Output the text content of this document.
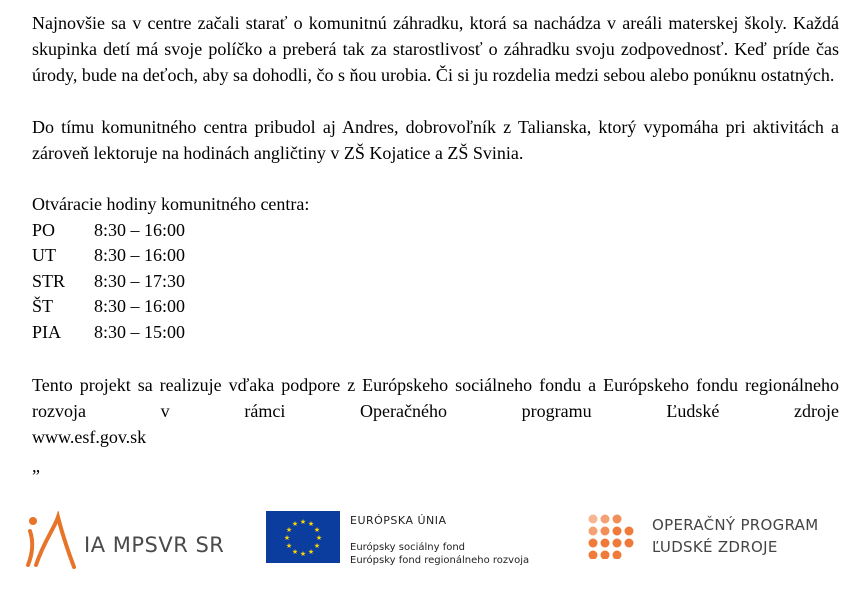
Najnovšie sa v centre začali starať o komunitnú záhradku, ktorá sa nachádza v areáli materskej školy. Každá skupinka detí má svoje políčko a preberá tak za starostlivosť o záhradku svoju zodpovednosť. Keď príde čas úrody, bude na deťoch, aby sa dohodli, čo s ňou urobia. Či si ju rozdelia medzi sebou alebo ponúknu ostatných.

Do tímu komunitného centra pribudol aj Andres, dobrovoľník z Talianska, ktorý vypomáha pri aktivitách a zároveň lektoruje na hodinách angličtiny v ZŠ Kojatice a ZŠ Svinia.

Otváracie hodiny komunitného centra:
PO	8:30 – 16:00
UT	8:30 – 16:00
STR	8:30 – 17:30
ŠT	8:30 – 16:00
PIA	8:30 – 15:00

Tento projekt sa realizuje vďaka podpore z Európskeho sociálneho fondu a Európskeho fondu regionálneho rozvoja v rámci Operačného programu Ľudské zdroje

www.esf.gov.sk

„
IA MPSVR SR
★ ★
★
★
★
★
★
★
★
★
★
★	EURÓPSKA ÚNIA
Európsky sociálny fond
Európsky fond regionálneho rozvoja
OPERAČNÝ PROGRAM
ĽUDSKÉ ZDROJE
